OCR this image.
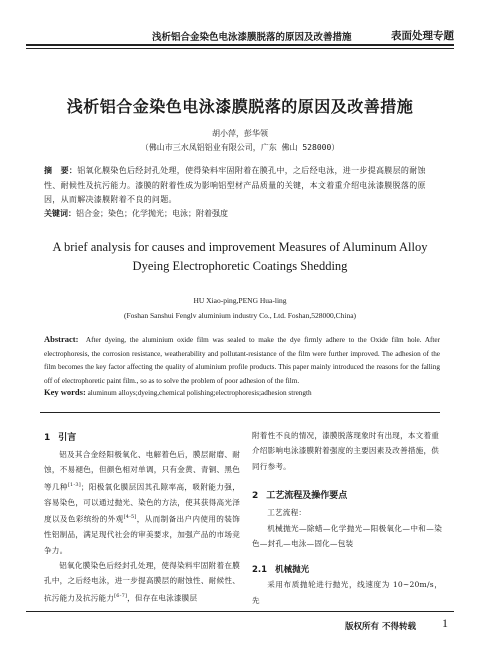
浅析铝合金染色电泳漆膜脱落的原因及改善措施	表面处理专题
浅析铝合金染色电泳漆膜脱落的原因及改善措施
胡小萍，彭华领
（佛山市三水凤铝铝业有限公司，广东 佛山 528000）
摘　要：铝氧化膜染色后经封孔处理，使得染料牢固附着在膜孔中，之后经电泳，进一步提高膜层的耐蚀性、耐候性及抗污能力。漆膜的附着性成为影响铝型材产品质量的关键，本文着重介绍电泳漆膜脱落的原因，从而解决漆膜附着不良的问题。
关键词：铝合金；染色；化学抛光；电泳；附着强度
A brief analysis for causes and improvement Measures of Aluminum Alloy Dyeing Electrophoretic Coatings Shedding
HU Xiao-ping,PENG Hua-ling
(Foshan Sanshui Fenglv aluminium industry Co., Ltd. Foshan,528000,China)
Abstract: After dyeing, the aluminium oxide film was sealed to make the dye firmly adhere to the Oxide film hole. After electrophoresis, the corrosion resistance, weatherability and pollutant-resistance of the film were further improved. The adhesion of the film becomes the key factor affecting the quality of aluminium profile products. This paper mainly introduced the reasons for the falling off of electrophoretic paint film., so as to solve the problem of poor adhesion of the film.
Key words: aluminum alloys;dyeing,chemical polishing;electrophoresis;adhesion strength
1 引言
铝及其合金经阳极氧化、电解着色后，膜层耐磨、耐蚀，不易褪色，但颜色相对单调，只有金黄、青铜、黑色等几种[1-3]；阳极氧化膜层因其孔隙率高，吸附能力强，容易染色，可以通过抛光、染色的方法，使其获得高光泽度以及色彩缤纷的外观[4-5]，从而制备出户内使用的装饰性铝制品，满足现代社会的审美要求，加强产品的市场竞争力。
铝氧化膜染色后经封孔处理，使得染料牢固附着在膜孔中，之后经电泳，进一步提高膜层的耐蚀性、耐候性、抗污能力及抗污能力[6-7]，但存在电泳漆膜层
附着性不良的情况，漆膜脱落现象时有出现，本文着重介绍影响电泳漆膜附着强度的主要因素及改善措施，供同行参考。
2 工艺流程及操作要点
工艺流程：
机械抛光—除蜡—化学抛光—阳极氧化—中和—染色—封孔—电泳—固化—包装
2.1 机械抛光
采用布质抛轮进行抛光，线速度为 10~20m/s，先
版权所有 不得转载 1
